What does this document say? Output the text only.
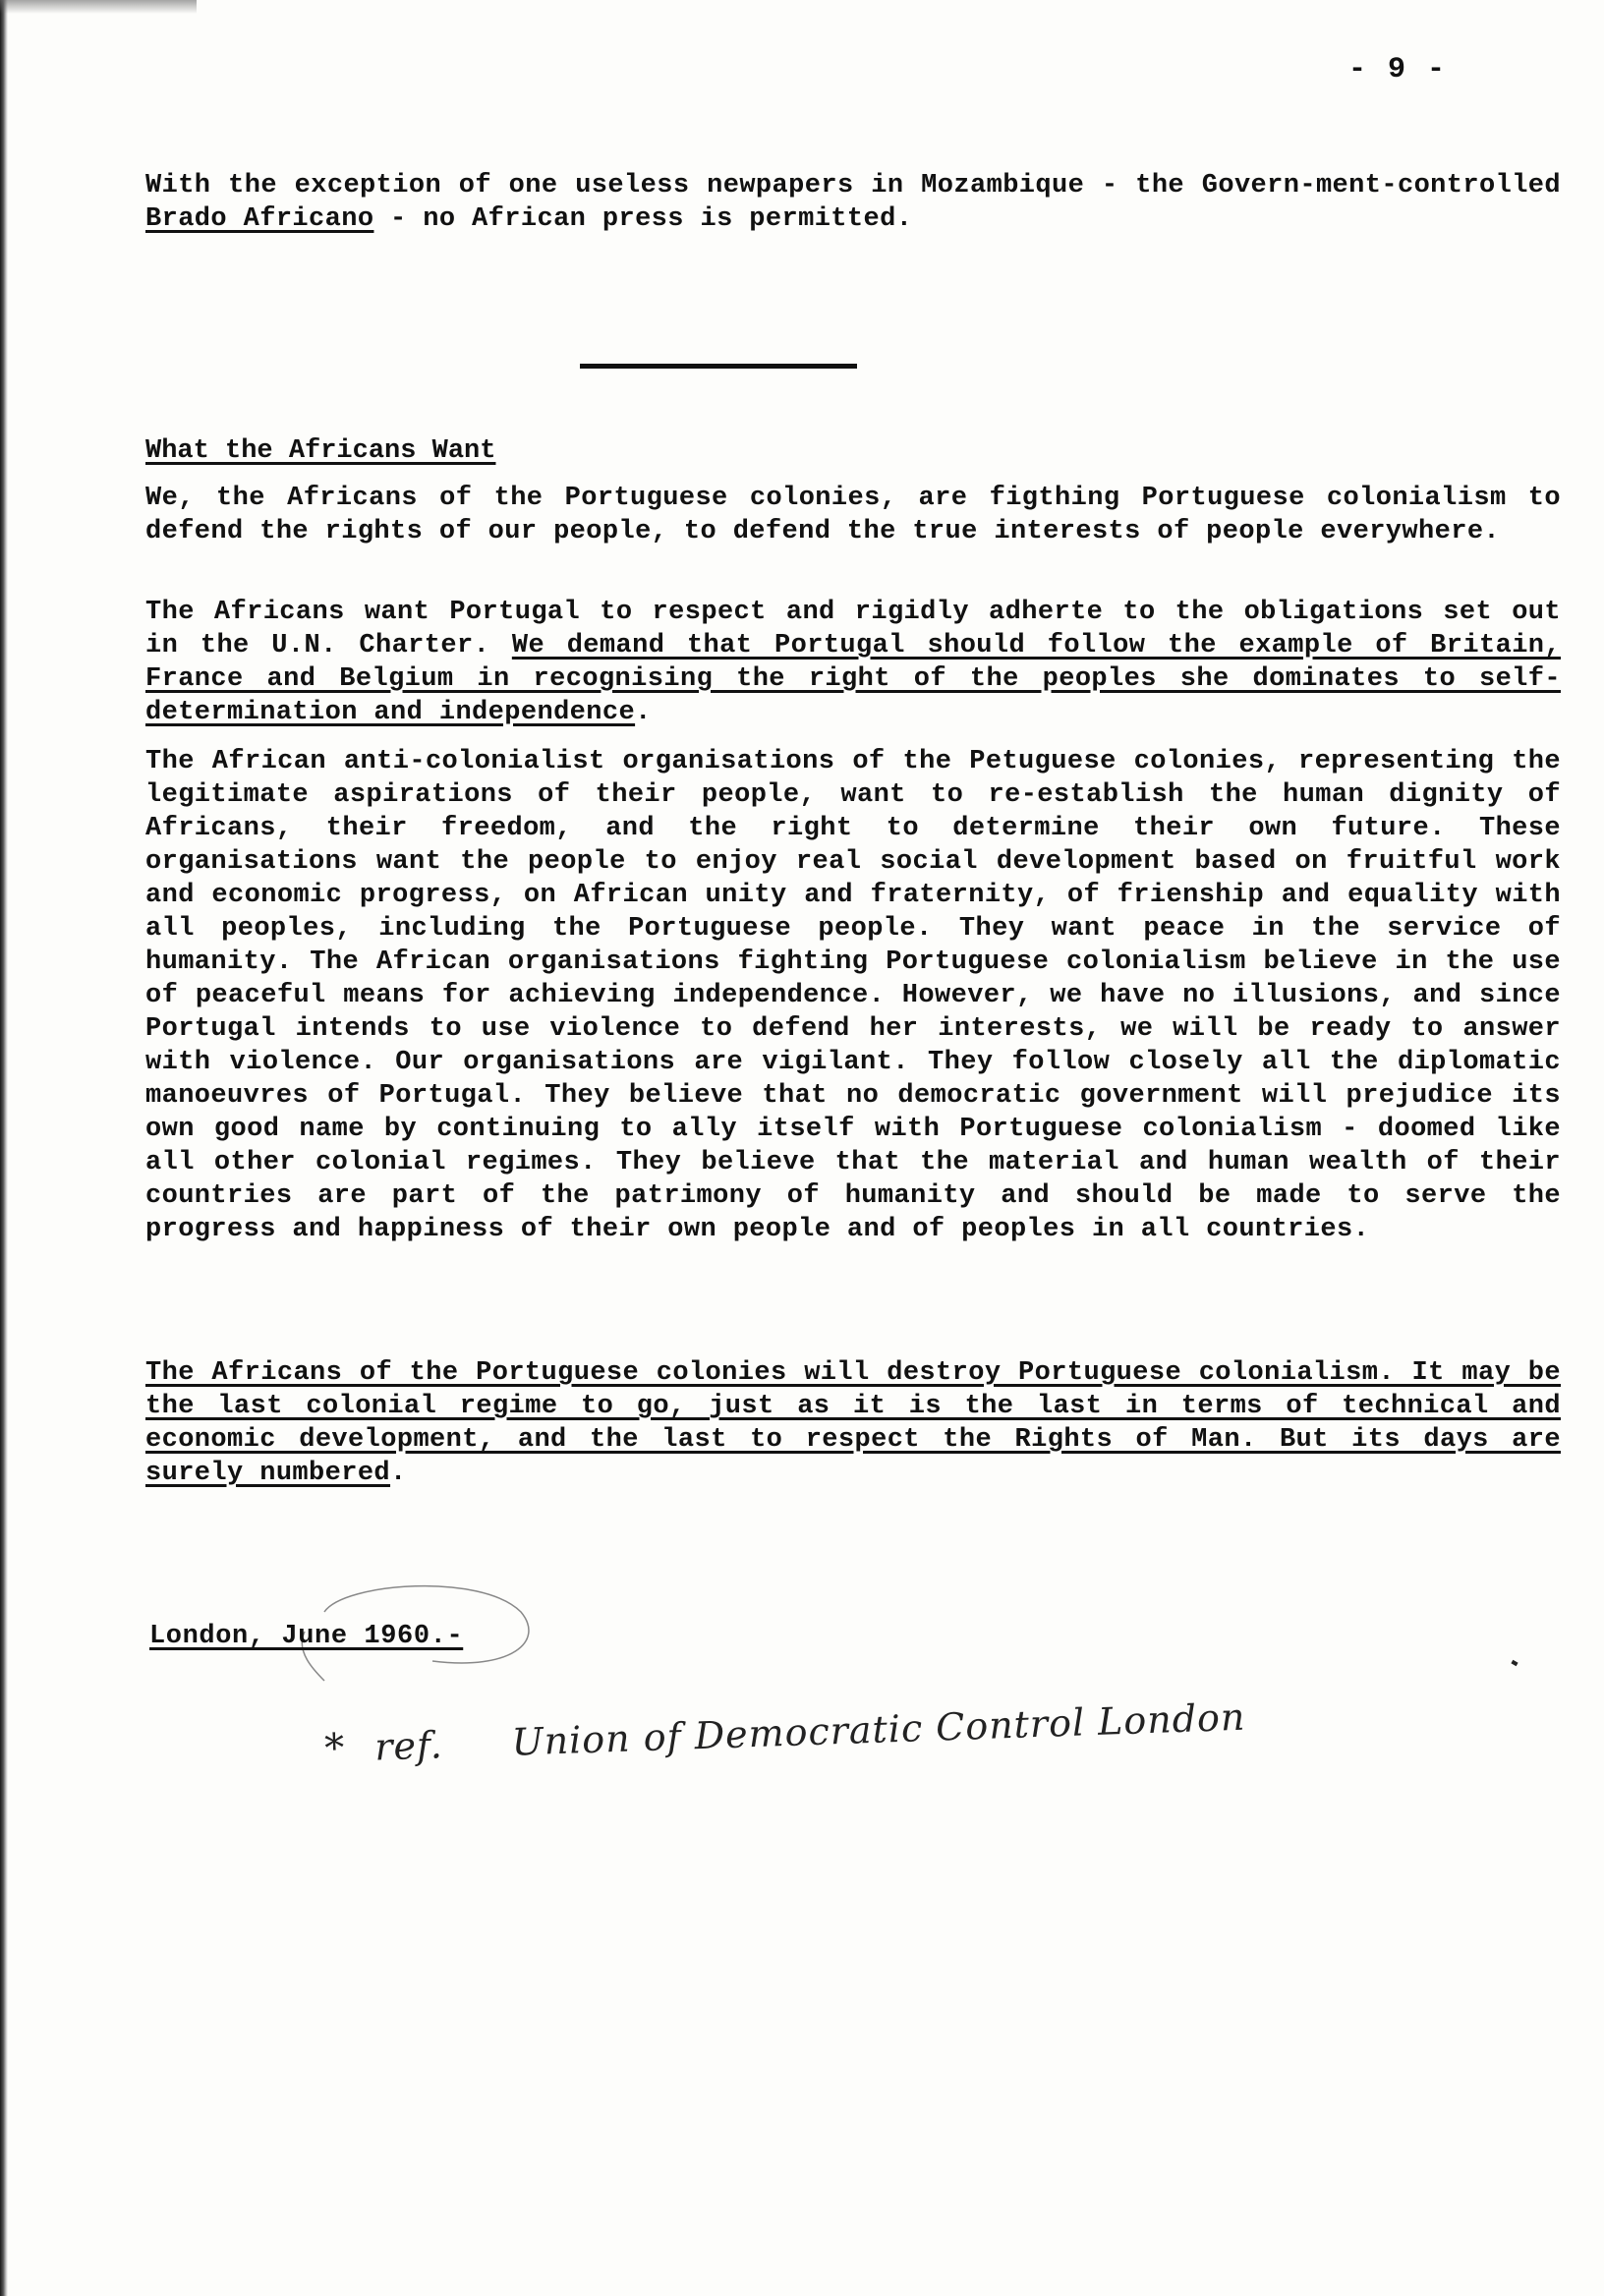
- 9 -

With the exception of one useless newpapers in Mozambique - the Govern-ment-controlled Brado Africano - no African press is permitted.

What the Africans Want

We, the Africans of the Portuguese colonies, are figthing Portuguese colonialism to defend the rights of our people, to defend the true interests of people everywhere.

The Africans want Portugal to respect and rigidly adherte to the obligations set out in the U.N. Charter. We demand that Portugal should follow the example of Britain, France and Belgium in recognising the right of the peoples she dominates to self-determination and independence.

The African anti-colonialist organisations of the Petuguese colonies, representing the legitimate aspirations of their people, want to re-establish the human dignity of Africans, their freedom, and the right to determine their own future. These organisations want the people to enjoy real social development based on fruitful work and economic progress, on African unity and fraternity, of frienship and equality with all peoples, including the Portuguese people. They want peace in the service of humanity. The African organisations fighting Portuguese colonialism believe in the use of peaceful means for achieving independence. However, we have no illusions, and since Portugal intends to use violence to defend her interests, we will be ready to answer with violence. Our organisations are vigilant. They follow closely all the diplomatic manoeuvres of Portugal. They believe that no democratic government will prejudice its own good name by continuing to ally itself with Portuguese colonialism - doomed like all other colonial regimes. They believe that the material and human wealth of their countries are part of the patrimony of humanity and should be made to serve the progress and happiness of their own people and of peoples in all countries.

The Africans of the Portuguese colonies will destroy Portuguese colonialism. It may be the last colonial regime to go, just as it is the last in terms of technical and economic development, and the last to respect the Rights of Man. But its days are surely numbered.

London, June 1960.-
* ref. Union of Democratic Control London
